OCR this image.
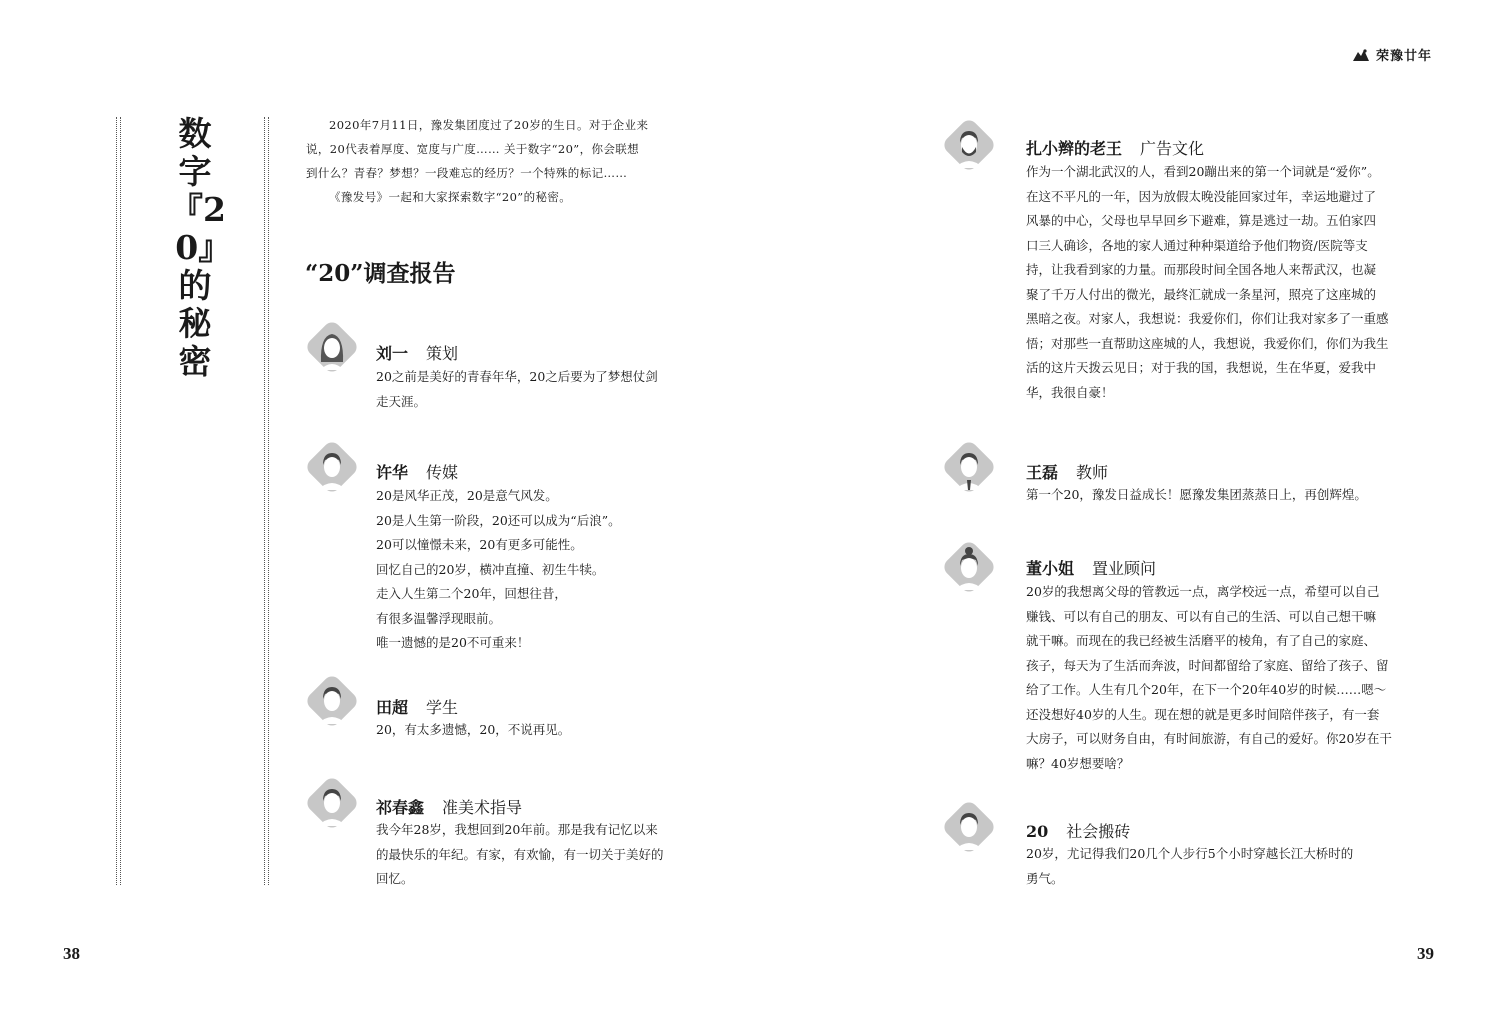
荣豫廿年
数字『20』的秘密

2020年7月11日，豫发集团度过了20岁的生日。对于企业来

说，20代表着厚度、宽度与广度…… 关于数字“20”，你会联想
到什么？青春？梦想？一段难忘的经历？一个特殊的标记……

《豫发号》一起和大家探索数字“20”的秘密。

“20”调查报告
刘一 策划
20之前是美好的青春年华，20之后要为了梦想仗剑
走天涯。
许华 传媒
20是风华正茂，20是意气风发。
20是人生第一阶段，20还可以成为“后浪”。
20可以憧憬未来，20有更多可能性。
回忆自己的20岁，横冲直撞、初生牛犊。
走入人生第二个20年，回想往昔，
有很多温馨浮现眼前。
唯一遗憾的是20不可重来！
田超 学生
20，有太多遗憾，20，不说再见。
祁春鑫 准美术指导
我今年28岁，我想回到20年前。那是我有记忆以来
的最快乐的年纪。有家，有欢愉，有一切关于美好的
回忆。
扎小辫的老王 广告文化
作为一个湖北武汉的人，看到20蹦出来的第一个词就是“爱你”。
在这不平凡的一年，因为放假太晚没能回家过年，幸运地避过了
风暴的中心，父母也早早回乡下避难，算是逃过一劫。五伯家四
口三人确诊，各地的家人通过种种渠道给予他们物资/医院等支
持，让我看到家的力量。而那段时间全国各地人来帮武汉，也凝
聚了千万人付出的微光，最终汇就成一条星河，照亮了这座城的
黑暗之夜。对家人，我想说：我爱你们，你们让我对家多了一重感
悟；对那些一直帮助这座城的人，我想说，我爱你们，你们为我生
活的这片天拨云见日；对于我的国，我想说，生在华夏，爱我中
华，我很自豪！
王磊 教师
第一个20，豫发日益成长！愿豫发集团蒸蒸日上，再创辉煌。
董小姐 置业顾问
20岁的我想离父母的管教远一点，离学校远一点，希望可以自己
赚钱、可以有自己的朋友、可以有自己的生活、可以自己想干嘛
就干嘛。而现在的我已经被生活磨平的棱角，有了自己的家庭、
孩子，每天为了生活而奔波，时间都留给了家庭、留给了孩子、留
给了工作。人生有几个20年，在下一个20年40岁的时候……嗯～
还没想好40岁的人生。现在想的就是更多时间陪伴孩子，有一套
大房子，可以财务自由，有时间旅游，有自己的爱好。你20岁在干
嘛？40岁想要啥？
20 社会搬砖
20岁，尤记得我们20几个人步行5个小时穿越长江大桥时的
勇气。
38	39
